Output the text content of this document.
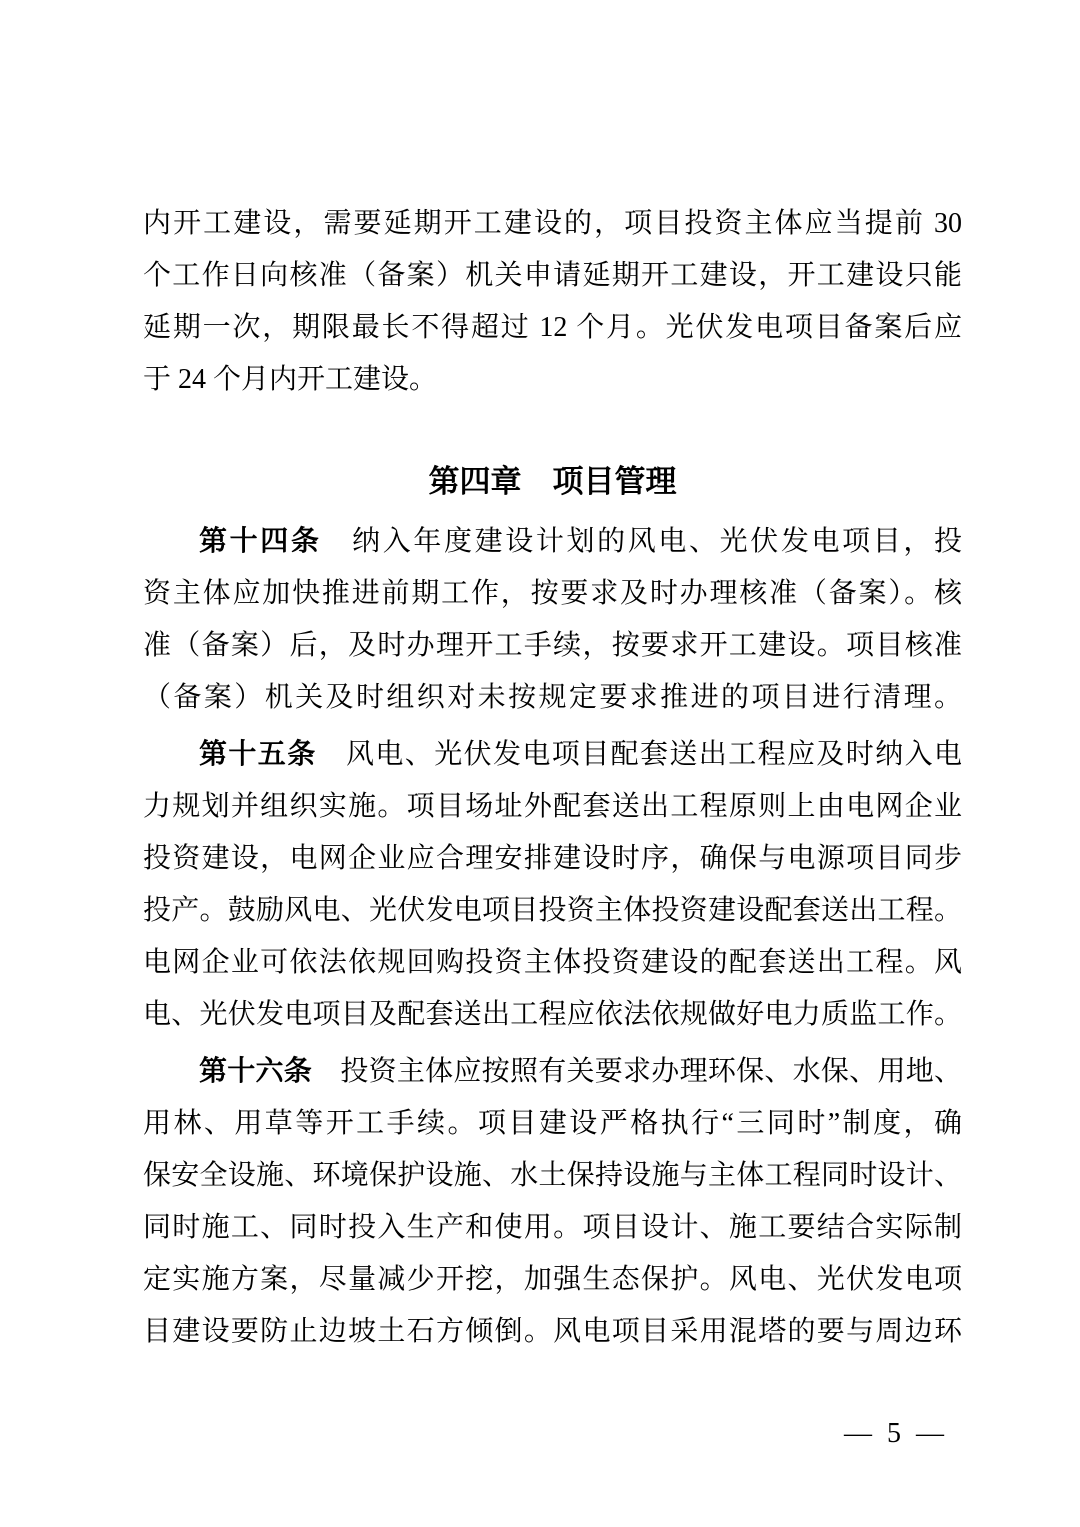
内开工建设，需要延期开工建设的，项目投资主体应当提前 30
个工作日向核准（备案）机关申请延期开工建设，开工建设只能
延期一次，期限最长不得超过 12 个月。光伏发电项目备案后应
于 24 个月内开工建设。
第四章 项目管理
第十四条 纳入年度建设计划的风电、光伏发电项目，投
资主体应加快推进前期工作，按要求及时办理核准（备案）。核
准（备案）后，及时办理开工手续，按要求开工建设。项目核准
（备案）机关及时组织对未按规定要求推进的项目进行清理。
第十五条 风电、光伏发电项目配套送出工程应及时纳入电
力规划并组织实施。项目场址外配套送出工程原则上由电网企业
投资建设，电网企业应合理安排建设时序，确保与电源项目同步
投产。鼓励风电、光伏发电项目投资主体投资建设配套送出工程。
电网企业可依法依规回购投资主体投资建设的配套送出工程。风
电、光伏发电项目及配套送出工程应依法依规做好电力质监工作。
第十六条 投资主体应按照有关要求办理环保、水保、用地、
用林、用草等开工手续。项目建设严格执行“三同时”制度，确
保安全设施、环境保护设施、水土保持设施与主体工程同时设计、
同时施工、同时投入生产和使用。项目设计、施工要结合实际制
定实施方案，尽量减少开挖，加强生态保护。风电、光伏发电项
目建设要防止边坡土石方倾倒。风电项目采用混塔的要与周边环
— 5 —
